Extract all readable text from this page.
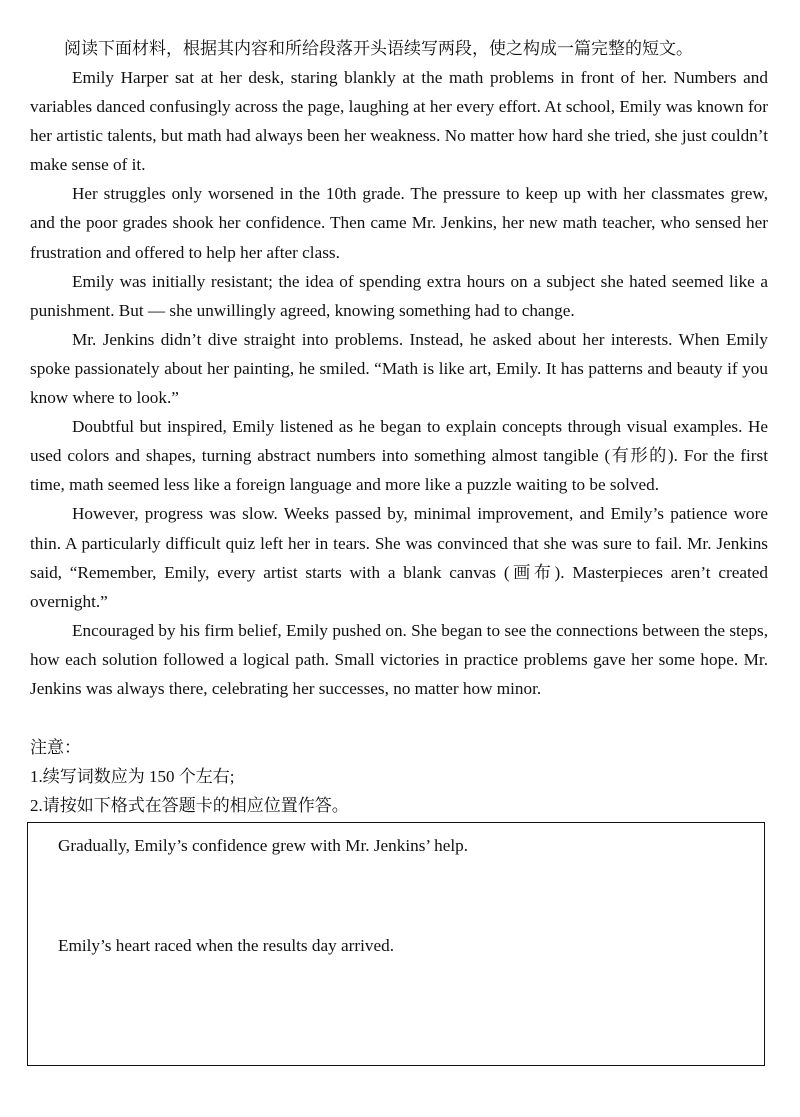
阅读下面材料，根据其内容和所给段落开头语续写两段，使之构成一篇完整的短文。

Emily Harper sat at her desk, staring blankly at the math problems in front of her. Numbers and variables danced confusingly across the page, laughing at her every effort. At school, Emily was known for her artistic talents, but math had always been her weakness. No matter how hard she tried, she just couldn’t make sense of it.

Her struggles only worsened in the 10th grade. The pressure to keep up with her classmates grew, and the poor grades shook her confidence. Then came Mr. Jenkins, her new math teacher, who sensed her frustration and offered to help her after class.

Emily was initially resistant; the idea of spending extra hours on a subject she hated seemed like a punishment. But — she unwillingly agreed, knowing something had to change.

Mr. Jenkins didn’t dive straight into problems. Instead, he asked about her interests. When Emily spoke passionately about her painting, he smiled. “Math is like art, Emily. It has patterns and beauty if you know where to look.”

Doubtful but inspired, Emily listened as he began to explain concepts through visual examples. He used colors and shapes, turning abstract numbers into something almost tangible (有形的). For the first time, math seemed less like a foreign language and more like a puzzle waiting to be solved.

However, progress was slow. Weeks passed by, minimal improvement, and Emily’s patience wore thin. A particularly difficult quiz left her in tears. She was convinced that she was sure to fail. Mr. Jenkins said, “Remember, Emily, every artist starts with a blank canvas (画布). Masterpieces aren’t created overnight.”

Encouraged by his firm belief, Emily pushed on. She began to see the connections between the steps, how each solution followed a logical path. Small victories in practice problems gave her some hope. Mr. Jenkins was always there, celebrating her successes, no matter how minor.

注意：
1.续写词数应为 150 个左右;
2.请按如下格式在答题卡的相应位置作答。

Gradually, Emily’s confidence grew with Mr. Jenkins’ help.

Emily’s heart raced when the results day arrived.
